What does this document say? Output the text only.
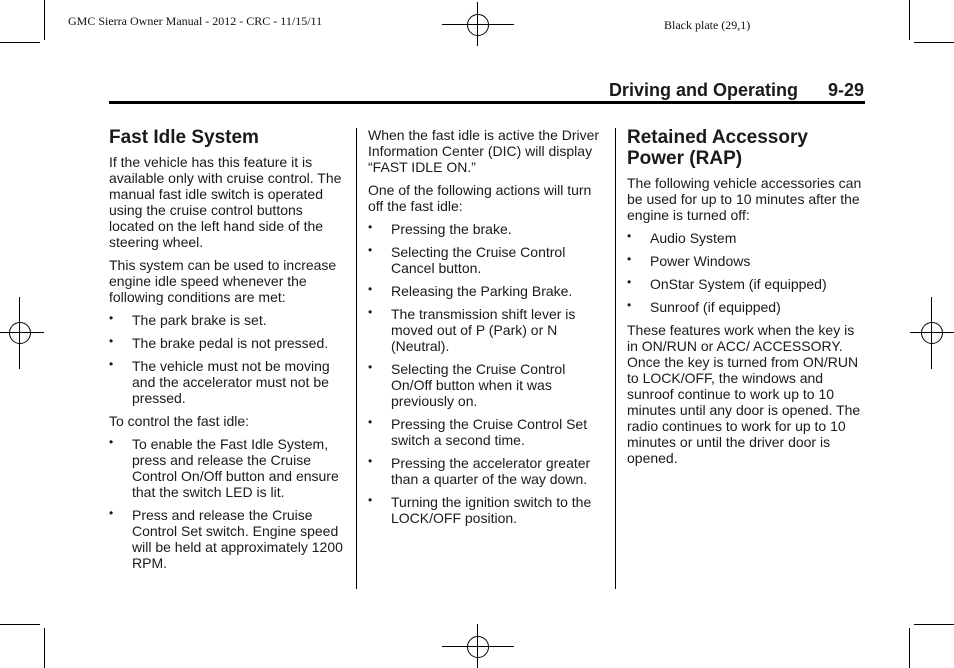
GMC Sierra Owner Manual - 2012 - CRC - 11/15/11	Black plate (29,1)
Driving and Operating 9-29
Fast Idle System

If the vehicle has this feature it is available only with cruise control. The manual fast idle switch is operated using the cruise control buttons located on the left hand side of the steering wheel.

This system can be used to increase engine idle speed whenever the following conditions are met:

• The park brake is set.
• The brake pedal is not pressed.
• The vehicle must not be moving and the accelerator must not be pressed.

To control the fast idle:

• To enable the Fast Idle System, press and release the Cruise Control On/Off button and ensure that the switch LED is lit.
• Press and release the Cruise Control Set switch. Engine speed will be held at approximately 1200 RPM.

When the fast idle is active the Driver Information Center (DIC) will display “FAST IDLE ON.”

One of the following actions will turn off the fast idle:

• Pressing the brake.
• Selecting the Cruise Control Cancel button.
• Releasing the Parking Brake.
• The transmission shift lever is moved out of P (Park) or N (Neutral).
• Selecting the Cruise Control On/Off button when it was previously on.
• Pressing the Cruise Control Set switch a second time.
• Pressing the accelerator greater than a quarter of the way down.
• Turning the ignition switch to the LOCK/OFF position.
Retained Accessory Power (RAP)

The following vehicle accessories can be used for up to 10 minutes after the engine is turned off:

• Audio System
• Power Windows
• OnStar System (if equipped)
• Sunroof (if equipped)

These features work when the key is in ON/RUN or ACC/ ACCESSORY. Once the key is turned from ON/RUN to LOCK/OFF, the windows and sunroof continue to work up to 10 minutes until any door is opened. The radio continues to work for up to 10 minutes or until the driver door is opened.
